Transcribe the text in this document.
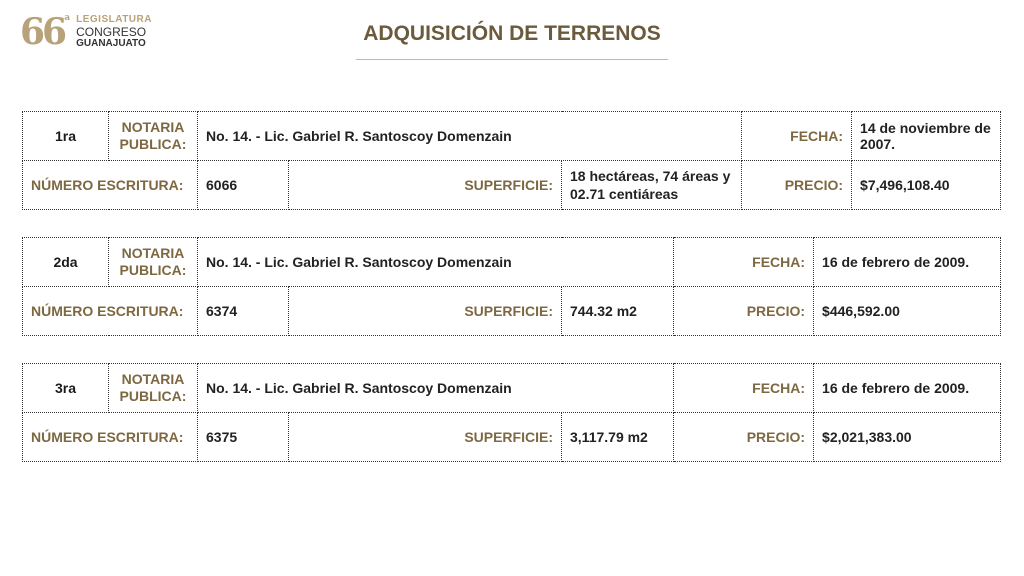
66 a LEGISLATURA
CONGRESO
GUANAJUATO	ADQUISICIÓN DE TERRENOS
1ra	NOTARIA PUBLICA:	No. 14. - Lic. Gabriel R. Santoscoy Domenzain			FECHA:	14 de noviembre de 2007.
NÚMERO ESCRITURA:		6066	SUPERFICIE:	18 hectáreas, 74 áreas y 02.71 centiáreas	PRECIO:	$7,496,108.40
2da	NOTARIA PUBLICA:	No. 14. - Lic. Gabriel R. Santoscoy Domenzain			FECHA:	16 de febrero de 2009.
NÚMERO ESCRITURA:		6374	SUPERFICIE:	744.32 m2	PRECIO:	$446,592.00
3ra	NOTARIA PUBLICA:	No. 14. - Lic. Gabriel R. Santoscoy Domenzain			FECHA:	16 de febrero de 2009.
NÚMERO ESCRITURA:		6375	SUPERFICIE:	3,117.79 m2	PRECIO:	$2,021,383.00
